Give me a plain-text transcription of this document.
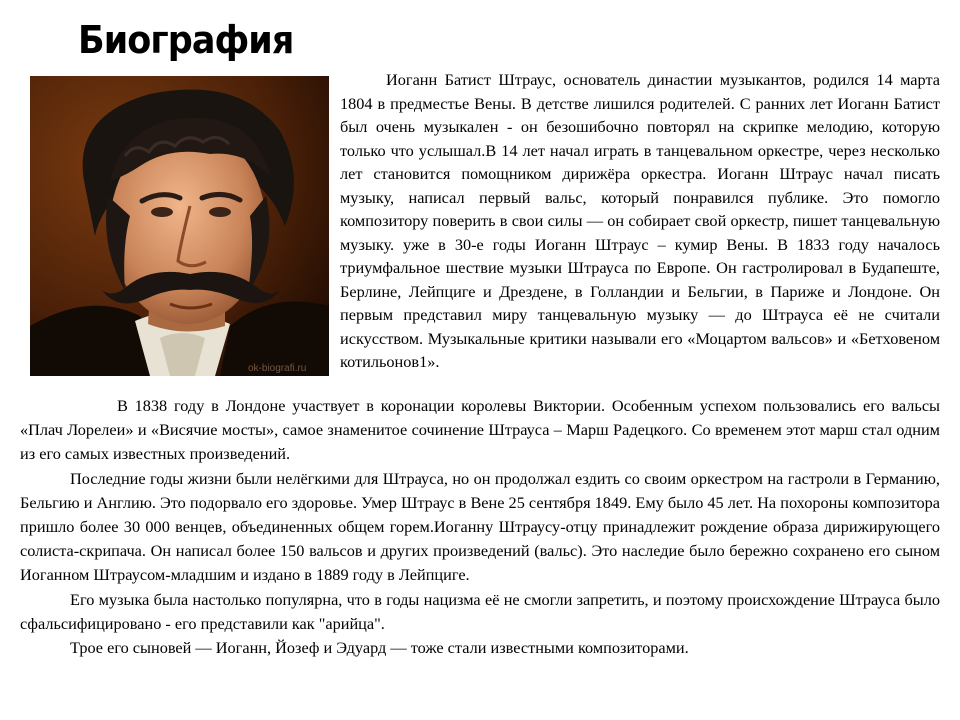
Биография
ok-biografi.ru

Иоганн Батист Штраус, основатель династии музыкантов, родился 14 марта 1804 в предместье Вены. В детстве лишился родителей. С ранних лет Иоганн Батист был очень музыкален - он безошибочно повторял на скрипке мелодию, которую только что услышал.В 14 лет начал играть в танцевальном оркестре, через несколько лет становится помощником дирижёра оркестра. Иоганн Штраус начал писать музыку, написал первый вальс, который понравился публике. Это помогло композитору поверить в свои силы — он собирает свой оркестр, пишет танцевальную музыку. уже в 30-е годы Иоганн Штраус – кумир Вены. В 1833 году началось триумфальное шествие музыки Штрауса по Европе. Он гастролировал в Будапеште, Берлине, Лейпциге и Дрездене, в Голландии и Бельгии, в Париже и Лондоне. Он первым представил миру танцевальную музыку — до Штрауса её не считали искусством. Музыкальные критики называли его «Моцартом вальсов» и «Бетховеном котильонов1».

В 1838 году в Лондоне участвует в коронации королевы Виктории. Особенным успехом пользовались его вальсы «Плач Лорелеи» и «Висячие мосты», самое знаменитое сочинение Штрауса – Марш Радецкого. Со временем этот марш стал одним из его самых известных произведений.

Последние годы жизни были нелёгкими для Штрауса, но он продолжал ездить со своим оркестром на гастроли в Германию, Бельгию и Англию. Это подорвало его здоровье. Умер Штраус в Вене 25 сентября 1849. Ему было 45 лет. На похороны композитора пришло более 30 000 венцев, объединенных общем горем.Иоганну Штраусу-отцу принадлежит рождение образа дирижирующего солиста-скрипача. Он написал более 150 вальсов и других произведений (вальс). Это наследие было бережно сохранено его сыном Иоганном Штраусом-младшим и издано в 1889 году в Лейпциге.

Его музыка была настолько популярна, что в годы нацизма её не смогли запретить, и поэтому происхождение Штрауса было сфальсифицировано - его представили как "арийца".

Трое его сыновей — Иоганн, Йозеф и Эдуард — тоже стали известными композиторами.
